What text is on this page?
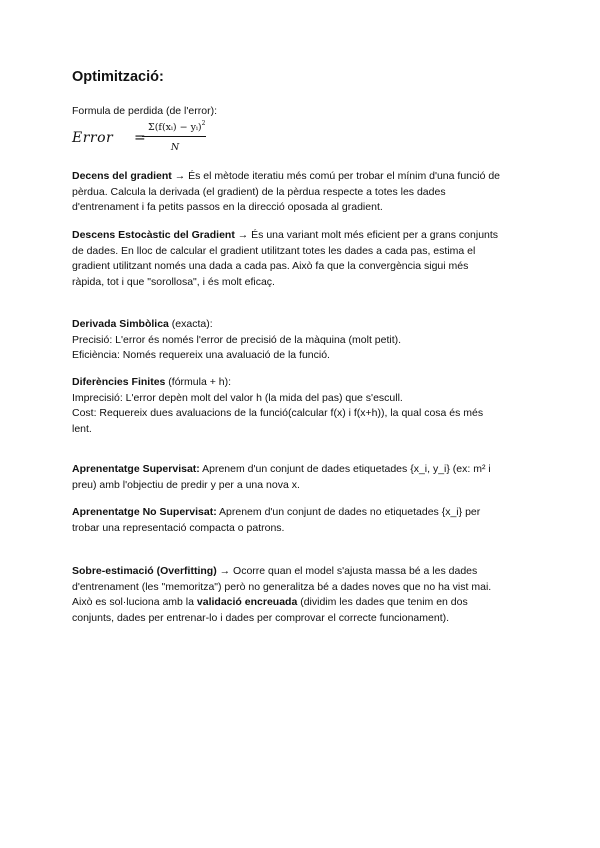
Optimització:
Formula de perdida (de l'error):
Error =
Σ(f(xᵢ) − yᵢ)$^2$
N
Decens del gradient → És el mètode iteratiu més comú per trobar el mínim d'una funció de
pèrdua. Calcula la derivada (el gradient) de la pèrdua respecte a totes les dades
d'entrenament i fa petits passos en la direcció oposada al gradient.
Descens Estocàstic del Gradient → És una variant molt més eficient per a grans conjunts
de dades. En lloc de calcular el gradient utilitzant totes les dades a cada pas, estima el
gradient utilitzant només una dada a cada pas. Això fa que la convergència sigui més
ràpida, tot i que "sorollosa", i és molt eficaç.
Derivada Simbòlica (exacta):
Precisió: L'error és només l'error de precisió de la màquina (molt petit).
Eficiència: Només requereix una avaluació de la funció.
Diferències Finites (fórmula + h):
Imprecisió: L'error depèn molt del valor h (la mida del pas) que s'escull.
Cost: Requereix dues avaluacions de la funció(calcular f(x) i f(x+h)), la qual cosa és més
lent.
Aprenentatge Supervisat: Aprenem d'un conjunt de dades etiquetades {x_i, y_i} (ex: m² i
preu) amb l'objectiu de predir y per a una nova x.
Aprenentatge No Supervisat: Aprenem d'un conjunt de dades no etiquetades {x_i} per
trobar una representació compacta o patrons.
Sobre-estimació (Overfitting) → Ocorre quan el model s'ajusta massa bé a les dades
d'entrenament (les "memoritza") però no generalitza bé a dades noves que no ha vist mai.
Això es sol·luciona amb la validació encreuada (dividim les dades que tenim en dos
conjunts, dades per entrenar-lo i dades per comprovar el correcte funcionament).
